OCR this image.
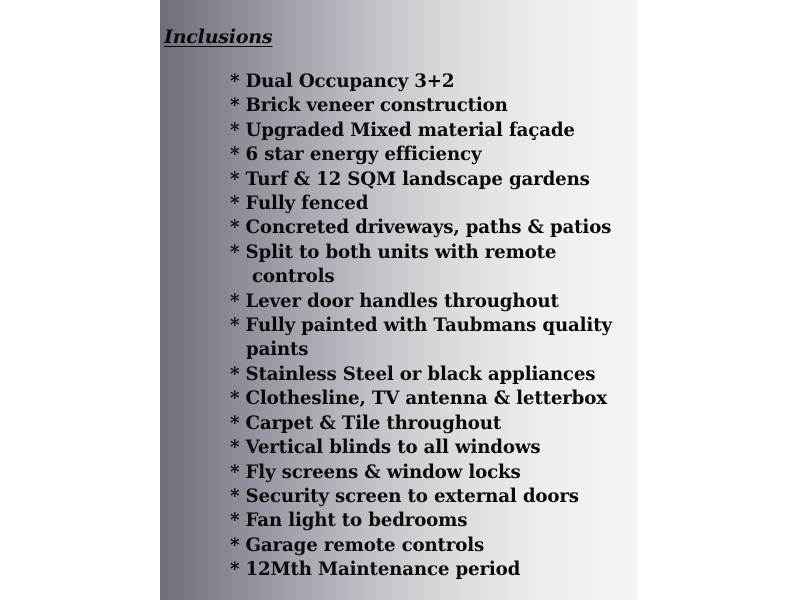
Inclusions
* Dual Occupancy 3+2
* Brick veneer construction
* Upgraded Mixed material façade
* 6 star energy efficiency
* Turf & 12 SQM landscape gardens
* Fully fenced
* Concreted driveways, paths & patios
* Split to both units with remote
controls
* Lever door handles throughout
* Fully painted with Taubmans quality
paints
* Stainless Steel or black appliances
* Clothesline, TV antenna & letterbox
* Carpet & Tile throughout
* Vertical blinds to all windows
* Fly screens & window locks
* Security screen to external doors
* Fan light to bedrooms
* Garage remote controls
* 12Mth Maintenance period
